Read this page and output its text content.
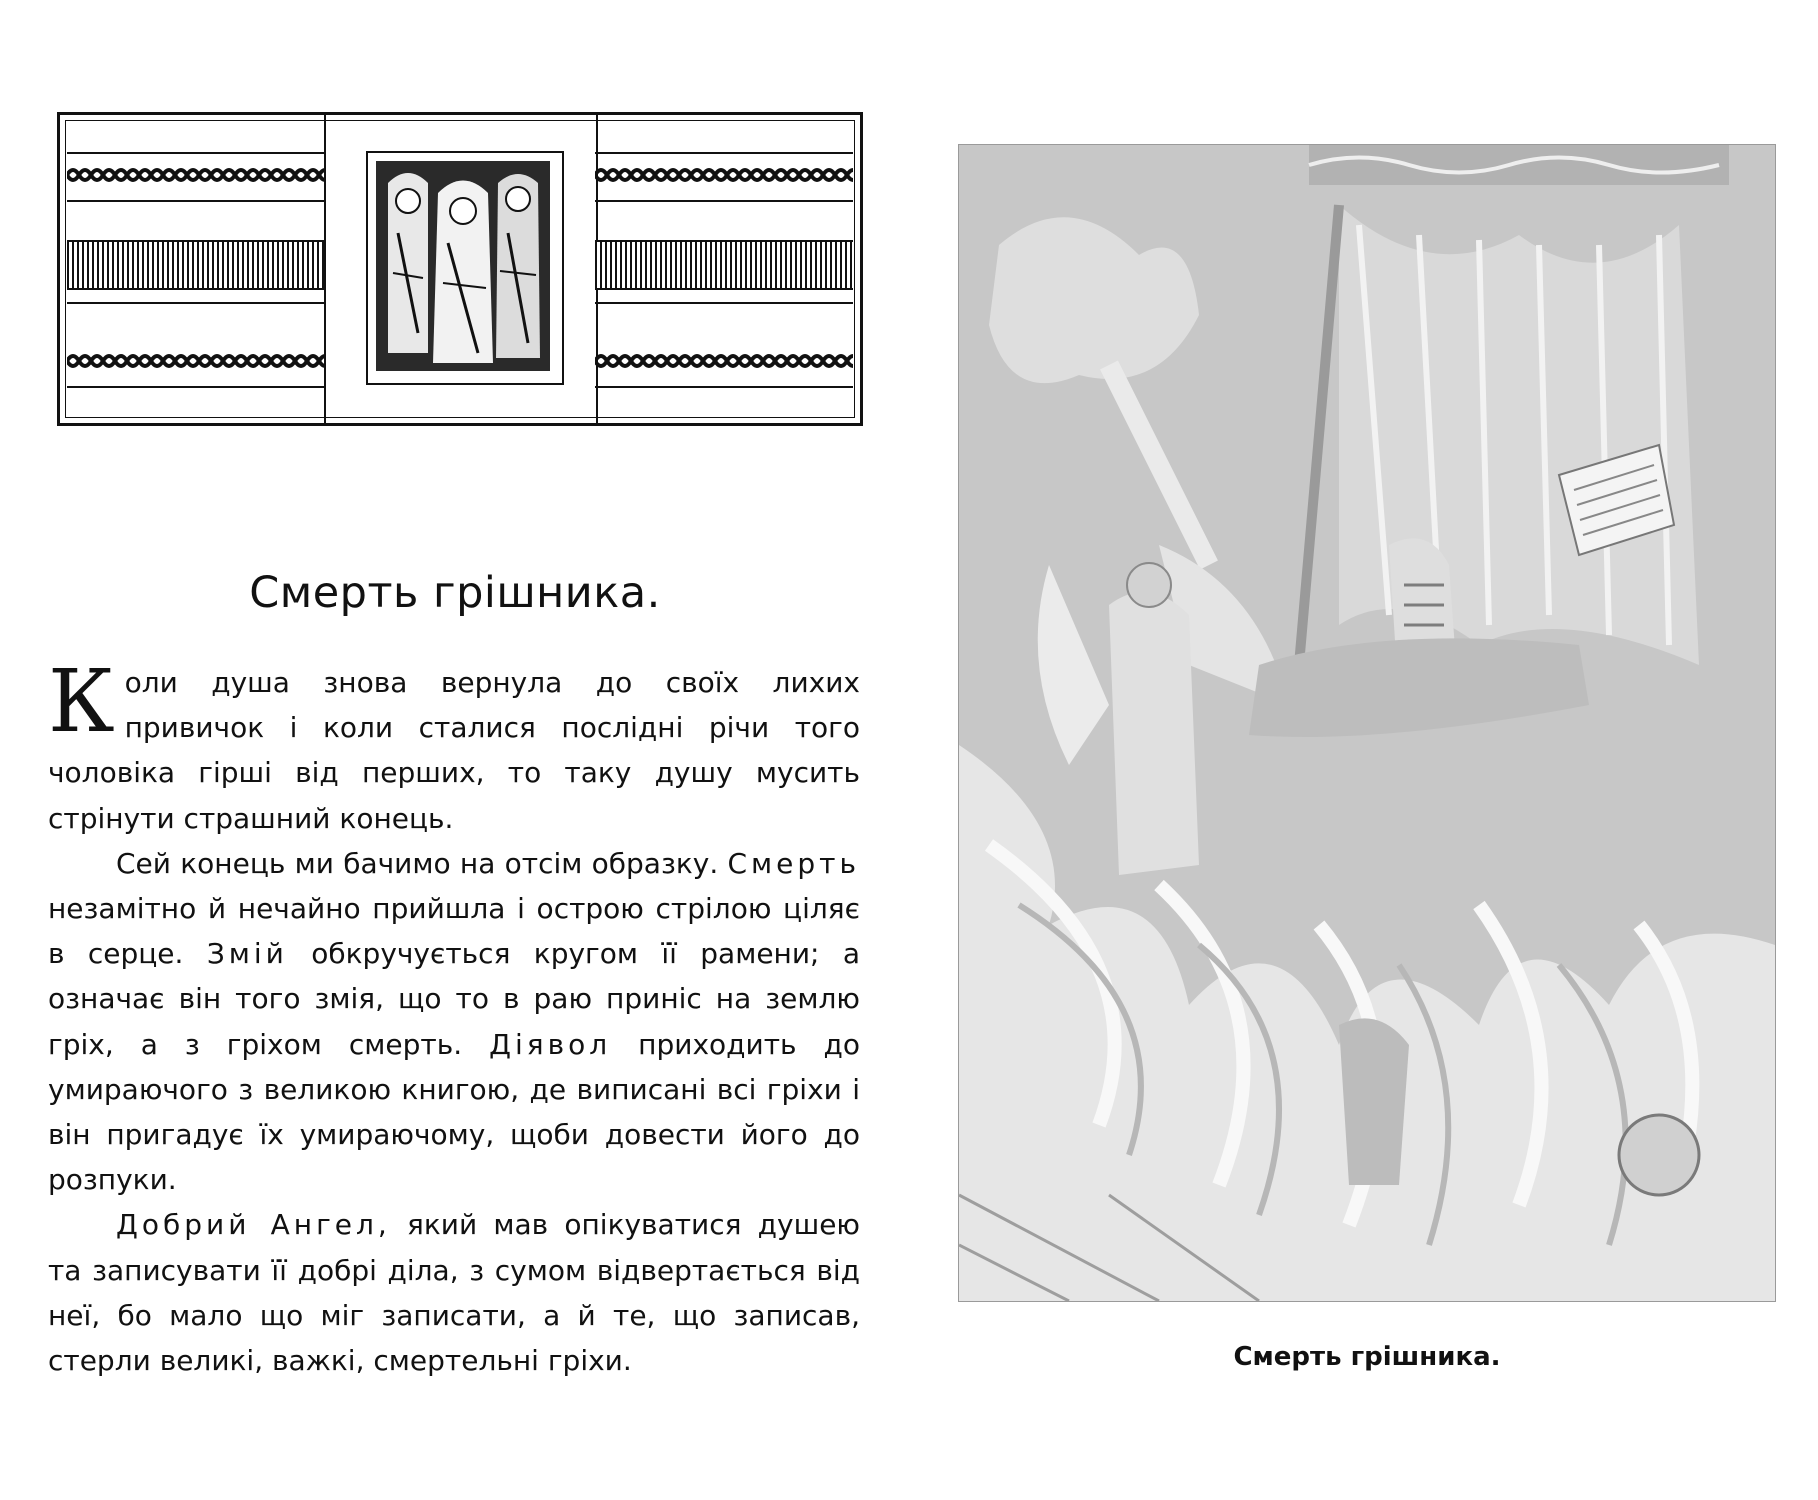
Смерть грішника.

Коли душа знова вернула до своїх лихих привичок і коли сталися послідні річи того чоловіка гірші від перших, то таку душу мусить стрінути страшний конець.

Сей конець ми бачимо на отсім образку. Смерть незамітно й нечайно прийшла і острою стрілою ціляє в серце. Змій обкручується кругом її рамени; а означає він того змія, що то в раю приніс на землю гріх, а з гріхом смерть. Діявол приходить до умираючого з великою книгою, де виписані всі гріхи і він пригадує їх умираючому, щоби довести його до розпуки.

Добрий Ангел, який мав опікуватися душею та записувати її добрі діла, з сумом відвертається від неї, бо мало що міг записати, а й те, що записав, стерли великі, важкі, смертельні гріхи.	Смерть грішника.
